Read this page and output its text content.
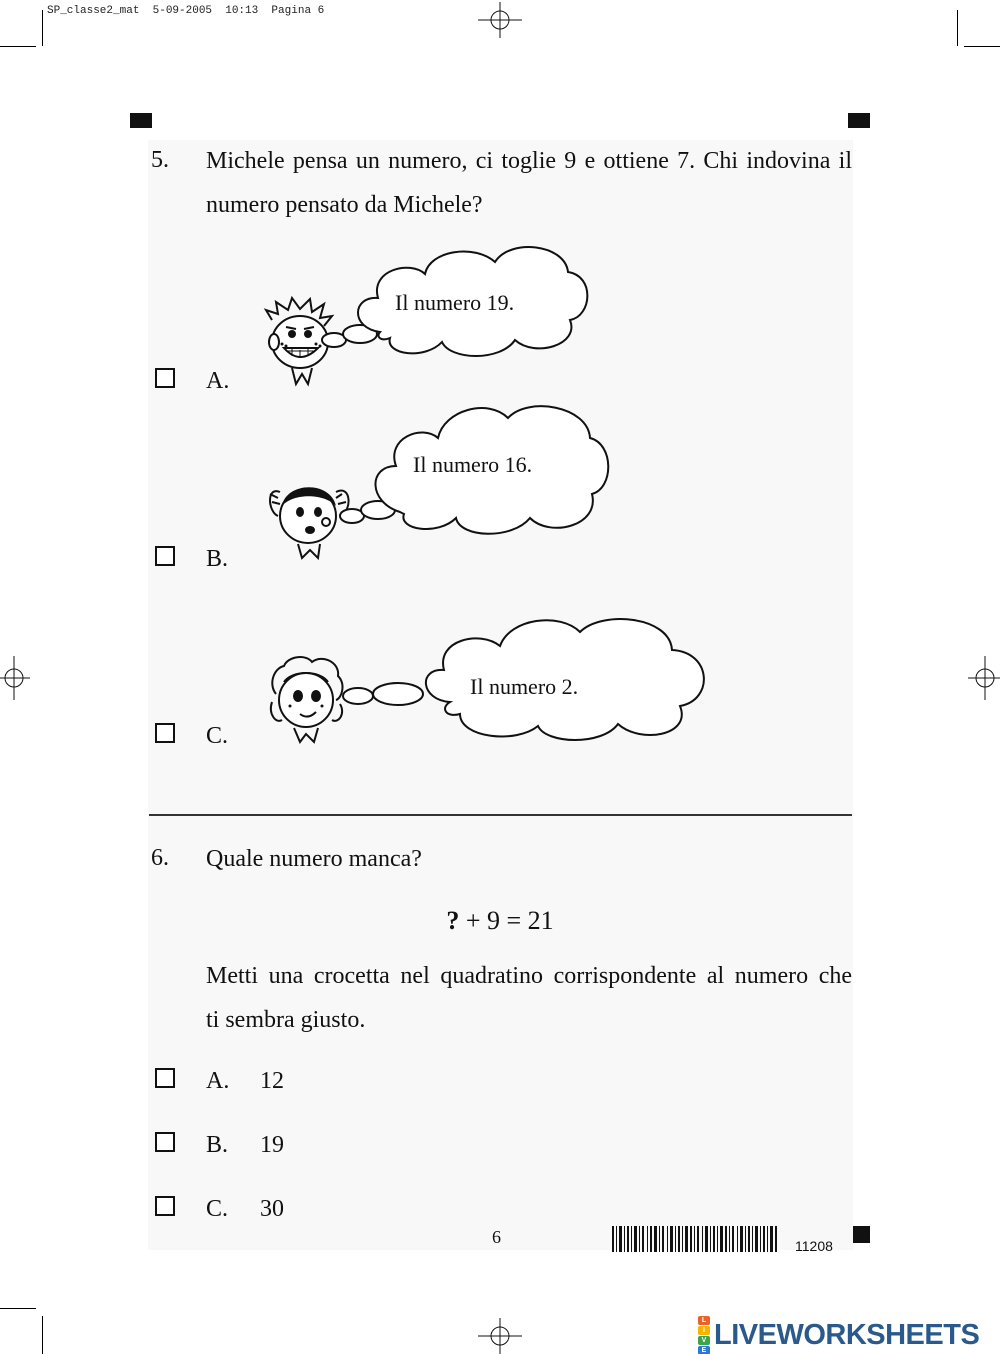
SP_classe2_mat  5-09-2005  10:13  Pagina 6
5. Michele pensa un numero, ci toglie 9 e ottiene 7. Chi indovina il
numero pensato da Michele?
A.
Il numero 19.
B.
Il numero 16.
C.
Il numero 2.
6. Quale numero manca?
? + 9 = 21
Metti una crocetta nel quadratino corrispondente al numero che
ti sembra giusto.
A. 12
B. 19
C. 30
6	11208
L
I
V
E LIVEWORKSHEETS
